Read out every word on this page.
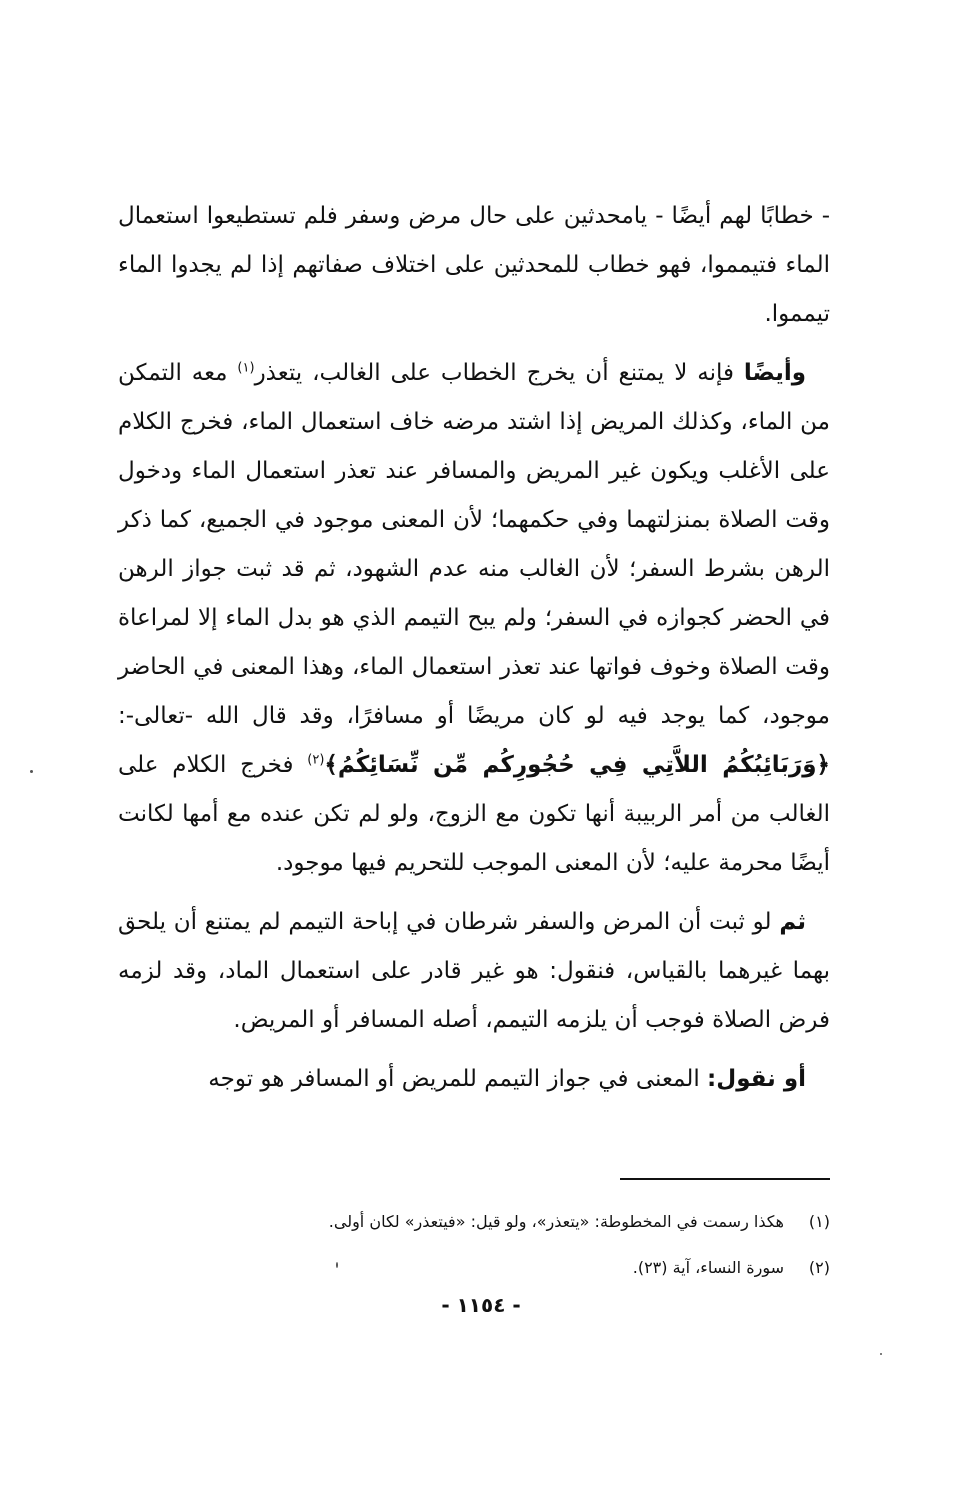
- خطابًا لهم أيضًا - يامحدثين على حال مرض وسفر فلم تستطيعوا استعمال الماء فتيمموا، فهو خطاب للمحدثين على اختلاف صفاتهم إذا لم يجدوا الماء تيمموا.

وأيضًا فإنه لا يمتنع أن يخرج الخطاب على الغالب، يتعذر$^{(١)}$ معه التمكن من الماء، وكذلك المريض إذا اشتد مرضه خاف استعمال الماء، فخرج الكلام على الأغلب ويكون غير المريض والمسافر عند تعذر استعمال الماء ودخول وقت الصلاة بمنزلتهما وفي حكمهما؛ لأن المعنى موجود في الجميع، كما ذكر الرهن بشرط السفر؛ لأن الغالب منه عدم الشهود، ثم قد ثبت جواز الرهن في الحضر كجوازه في السفر؛ ولم يبح التيمم الذي هو بدل الماء إلا لمراعاة وقت الصلاة وخوف فواتها عند تعذر استعمال الماء، وهذا المعنى في الحاضر موجود، كما يوجد فيه لو كان مريضًا أو مسافرًا، وقد قال الله -تعالى-: ﴿وَرَبَائِبُكُمُ اللاَّتِي فِي حُجُورِكُم مِّن نِّسَائِكُمُ﴾$^{(٢)}$ فخرج الكلام على الغالب من أمر الربيبة أنها تكون مع الزوج، ولو لم تكن عنده مع أمها لكانت أيضًا محرمة عليه؛ لأن المعنى الموجب للتحريم فيها موجود.

ثم لو ثبت أن المرض والسفر شرطان في إباحة التيمم لم يمتنع أن يلحق بهما غيرهما بالقياس، فنقول: هو غير قادر على استعمال الماد، وقد لزمه فرض الصلاة فوجب أن يلزمه التيمم، أصله المسافر أو المريض.

أو نقول: المعنى في جواز التيمم للمريض أو المسافر هو توجه

(١)
هكذا رسمت في المخطوطة: «يتعذر»، ولو قيل: «فيتعذر» لكان أولى.
(٢)
سورة النساء، آية (٢٣).
- ١١٥٤ -
